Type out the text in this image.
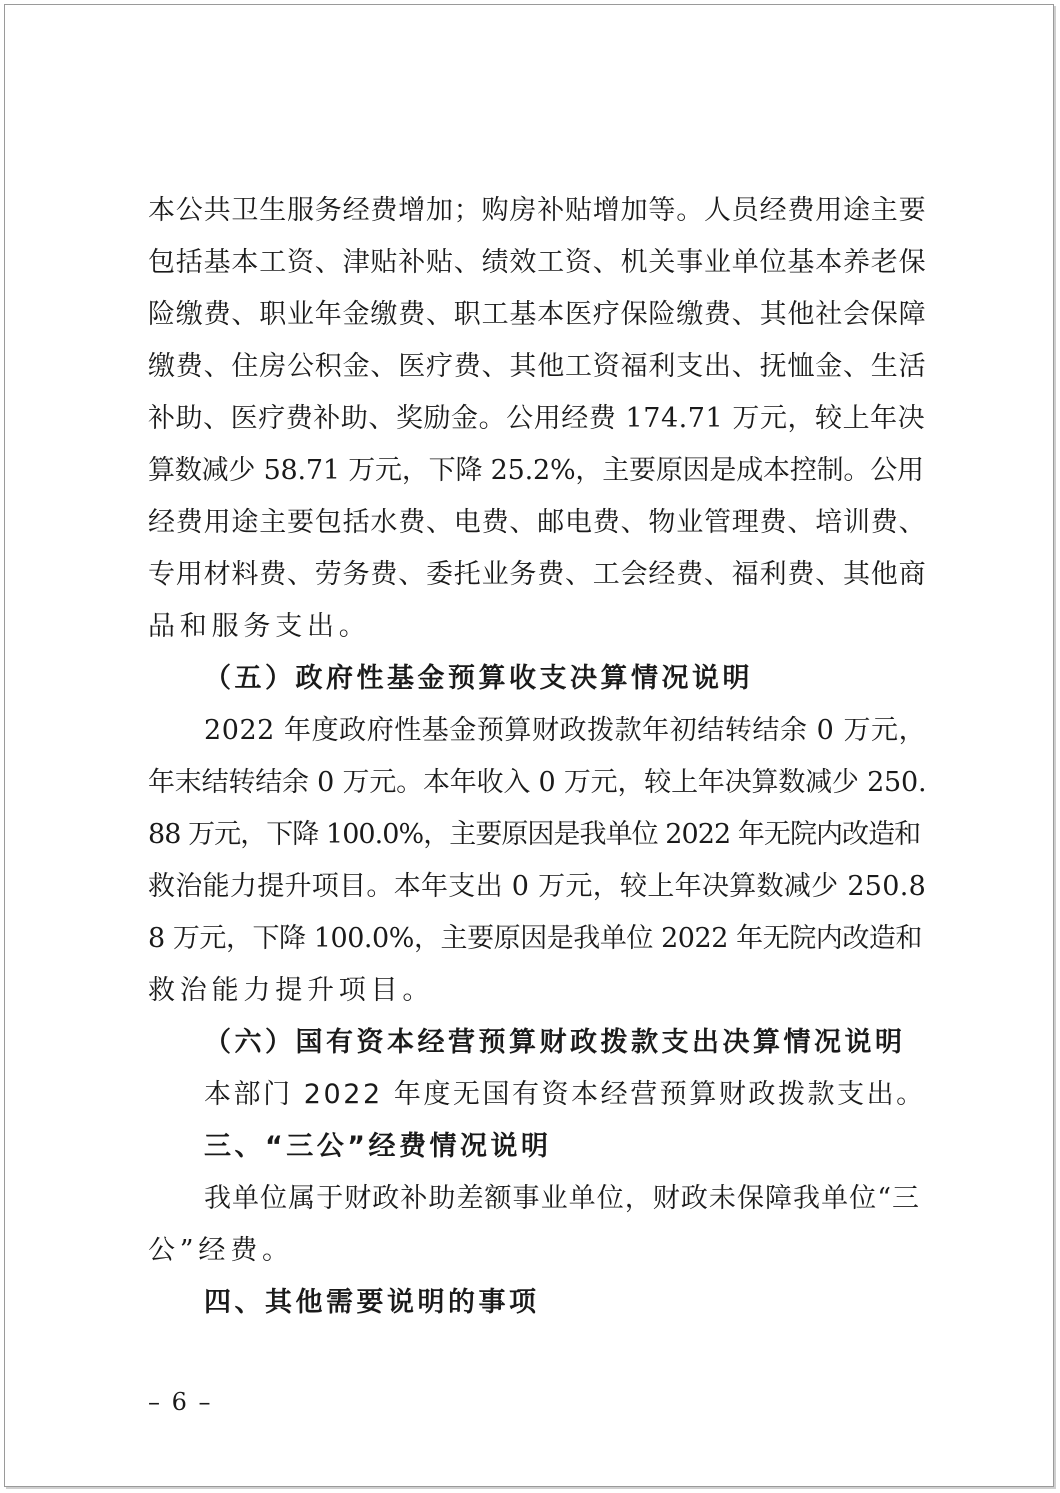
本公共卫生服务经费增加；购房补贴增加等。人员经费用途主要
包括基本工资、津贴补贴、绩效工资、机关事业单位基本养老保
险缴费、职业年金缴费、职工基本医疗保险缴费、其他社会保障
缴费、住房公积金、医疗费、其他工资福利支出、抚恤金、生活
补助、医疗费补助、奖励金。公用经费 174.71 万元，较上年决
算数减少 58.71 万元，下降 25.2%，主要原因是成本控制。公用
经费用途主要包括水费、电费、邮电费、物业管理费、培训费、
专用材料费、劳务费、委托业务费、工会经费、福利费、其他商
品和服务支出。
（五）政府性基金预算收支决算情况说明
2022 年度政府性基金预算财政拨款年初结转结余 0 万元，
年末结转结余 0 万元。本年收入 0 万元，较上年决算数减少 250.
88 万元，下降 100.0%，主要原因是我单位 2022 年无院内改造和
救治能力提升项目。本年支出 0 万元，较上年决算数减少 250.8
8 万元，下降 100.0%，主要原因是我单位 2022 年无院内改造和
救治能力提升项目。
（六）国有资本经营预算财政拨款支出决算情况说明
本部门 2022 年度无国有资本经营预算财政拨款支出。
三、“三公”经费情况说明
我单位属于财政补助差额事业单位，财政未保障我单位“三
公”经费。
四、其他需要说明的事项
– 6 –
